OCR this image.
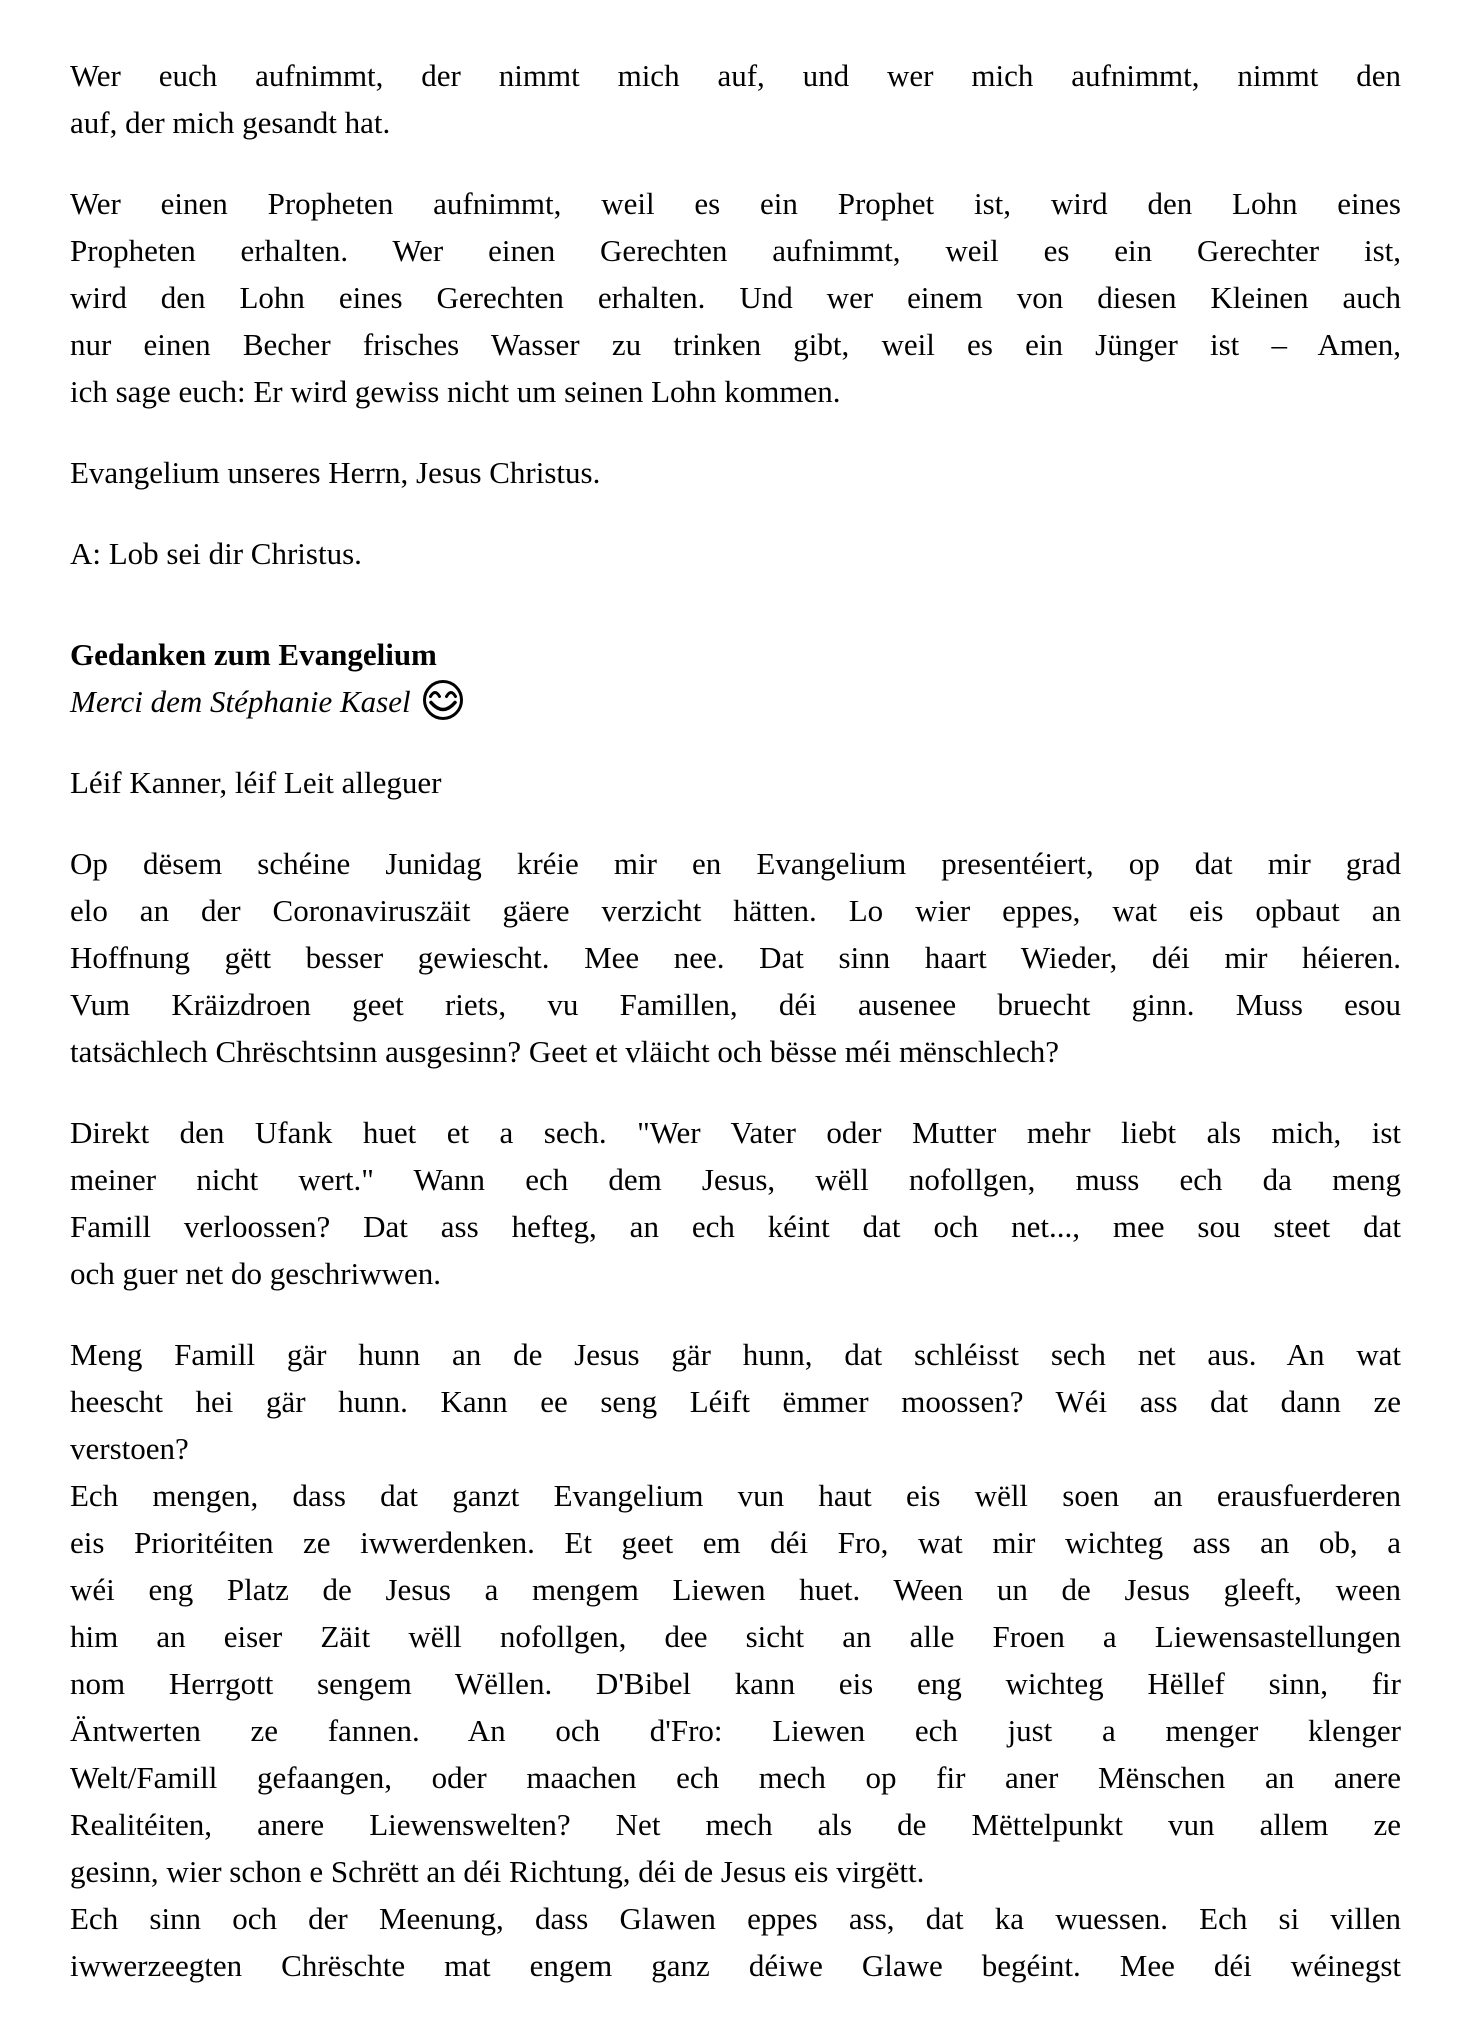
Wer euch aufnimmt, der nimmt mich auf, und wer mich aufnimmt, nimmt den
auf, der mich gesandt hat.
Wer einen Propheten aufnimmt, weil es ein Prophet ist, wird den Lohn eines
Propheten erhalten. Wer einen Gerechten aufnimmt, weil es ein Gerechter ist,
wird den Lohn eines Gerechten erhalten. Und wer einem von diesen Kleinen auch
nur einen Becher frisches Wasser zu trinken gibt, weil es ein Jünger ist – Amen,
ich sage euch: Er wird gewiss nicht um seinen Lohn kommen.
Evangelium unseres Herrn, Jesus Christus.
A: Lob sei dir Christus.
Gedanken zum Evangelium
Merci dem Stéphanie Kasel
Léif Kanner, léif Leit alleguer
Op dësem schéine Junidag kréie mir en Evangelium presentéiert, op dat mir grad
elo an der Coronaviruszäit gäere verzicht hätten. Lo wier eppes, wat eis opbaut an
Hoffnung gëtt besser gewiescht. Mee nee. Dat sinn haart Wieder, déi mir héieren.
Vum Kräizdroen geet riets, vu Famillen, déi ausenee bruecht ginn. Muss esou
tatsächlech Chrëschtsinn ausgesinn? Geet et vläicht och bësse méi mënschlech?
Direkt den Ufank huet et a sech. "Wer Vater oder Mutter mehr liebt als mich, ist
meiner nicht wert." Wann ech dem Jesus, wëll nofollgen, muss ech da meng
Famill verloossen? Dat ass hefteg, an ech kéint dat och net..., mee sou steet dat
och guer net do geschriwwen.
Meng Famill gär hunn an de Jesus gär hunn, dat schléisst sech net aus. An wat
heescht hei gär hunn. Kann ee seng Léift ëmmer moossen? Wéi ass dat dann ze
verstoen?
Ech mengen, dass dat ganzt Evangelium vun haut eis wëll soen an erausfuerderen
eis Prioritéiten ze iwwerdenken. Et geet em déi Fro, wat mir wichteg ass an ob, a
wéi eng Platz de Jesus a mengem Liewen huet. Ween un de Jesus gleeft, ween
him an eiser Zäit wëll nofollgen, dee sicht an alle Froen a Liewensastellungen
nom Herrgott sengem Wëllen. D'Bibel kann eis eng wichteg Hëllef sinn, fir
Äntwerten ze fannen. An och d'Fro: Liewen ech just a menger klenger
Welt/Famill gefaangen, oder maachen ech mech op fir aner Mënschen an anere
Realitéiten, anere Liewenswelten? Net mech als de Mëttelpunkt vun allem ze
gesinn, wier schon e Schrëtt an déi Richtung, déi de Jesus eis virgëtt.
Ech sinn och der Meenung, dass Glawen eppes ass, dat ka wuessen. Ech si villen
iwwerzeegten Chrëschte mat engem ganz déiwe Glawe begéint. Mee déi wéinegst
